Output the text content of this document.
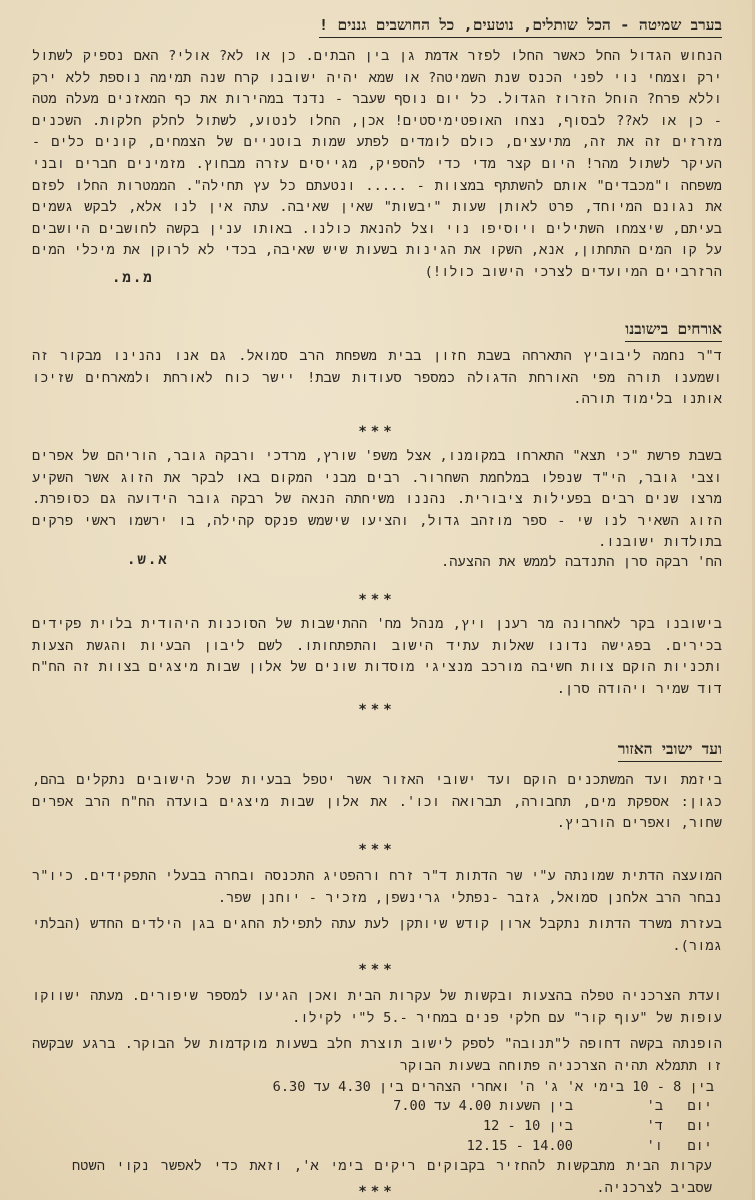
בערב שמיטה - הכל שותלים, נוטעים, כל החושבים גננים !
הנחוש הגדול החל כאשר החלו לפזר אדמת גן בין הבתים. כן או לא? אולי? האם נספיק לשתול ירק וצמחי נוי לפני הכנס שנת השמיטה? או שמא יהיה ישובנו קרח שנה תמימה נוספת ללא ירק וללא פרח? הוחל הזרוז הגדול. כל יום נוסף שעבר - נדנד במהירות את כף המאזנים מעלה מטה - כן או לא?? לבסוף, נצחו האופטימיסטים! אכן, החלו לנטוע, לשתול לחלק חלקות. השכנים מזרזים זה את זה, מתיעצים, כולם לומדים לפתע שמות בוטניים של הצמחים, קונים כלים - העיקר לשתול מהר! היום קצר מדי כדי להספיק, מגייסים עזרה מבחוץ. מזמינים חברים ובני משפחה ו"מכבדים" אותם להשתתף במצוות - ..... ונטעתם כל עץ תחילה". הממטרות החלו לפזם את נגונם המיוחד, פרט לאותן שעות "יבשות" שאין שאיבה. עתה אין לנו אלא, לבקש גשמים בעיתם, שיצמחו השתילים ויוסיפו נוי וצל להנאת כולנו. באותו ענין בקשה לחושבים היושבים על קו המים התחתון, אנא, השקו את הגינות בשעות שיש שאיבה, בכדי לא לרוקן את מיכלי המים הרזרביים המיועדים לצרכי הישוב כולו!)
מ.מ.
אורחים בישובנו
ד"ר נחמה ליבוביץ התארחה בשבת חזון בבית משפחת הרב סמואל. גם אנו נהנינו מבקור זה ושמענו תורה מפי האורחת הדגולה כמספר סעודות שבת! יישר כוח לאורחת ולמארחים שזיכו אותנו בלימוד תורה.
***
בשבת פרשת "כי תצא" התארחו במקומנו, אצל משפ' שורץ, מרדכי ורבקה גובר, הוריהם של אפרים וצבי גובר, הי"ד שנפלו במלחמת השחרור. רבים מבני המקום באו לבקר את הזוג אשר השקיע מרצו שנים רבים בפעילות ציבורית. נהננו משיחתה הנאה של רבקה גובר הידועה גם כסופרת. הזוג השאיר לנו שי - ספר מוזהב גדול, והציעו שישמש פנקס קהילה, בו ירשמו ראשי פרקים בתולדות ישובנו.
הח' רבקה סרן התנדבה לממש את ההצעה.
א.ש.
***
בישובנו בקר לאחרונה מר רענן ויץ, מנהל מח' ההתישבות של הסוכנות היהודית בלוית פקידים בכירים. בפגישה נדונו שאלות עתיד הישוב והתפתחותו. לשם ליבון הבעיות והגשת הצעות ותכניות הוקם צוות חשיבה מורכב מנציגי מוסדות שונים של אלון שבות מיצגים בצוות זה הח"ח דוד שמיר ויהודה סרן.
***
ועד ישובי האזור
ביזמת ועד המשתכנים הוקם ועד ישובי האזור אשר יטפל בבעיות שכל הישובים נתקלים בהם, כגון: אספקת מים, תחבורה, תברואה וכו'. את אלון שבות מיצגים בועדה הח"ח הרב אפרים שחור, ואפרים הורביץ.
***
המועצה הדתית שמונתה ע"י שר הדתות ד"ר זרח ורהפטיג התכנסה ובחרה בבעלי התפקידים. כיו"ר נבחר הרב אלחנן סמואל, גזבר -נפתלי גרינשפן, מזכיר - יוחנן שפר.
בעזרת משרד הדתות נתקבל ארון קודש שיותקן לעת עתה לתפילת החגים בגן הילדים החדש (הבלתי גמור).
***
ועדת הצרכניה טפלה בהצעות ובקשות של עקרות הבית ואכן הגיעו למספר שיפורים. מעתה ישווקו עופות של "עוף קור" עם חלקי פנים במחיר -.5 ל"י לקילו.
הופנתה בקשה דחופה ל"תנובה" לספק לישוב תוצרת חלב בשעות מוקדמות של הבוקר. ברגע שבקשה זו תתמלא תהיה הצרכניה פתוחה בשעות הבוקר
בין 8 - 10 בימי א' ג' ה' ואחרי הצהרים בין 4.30 עד 6.30
יום   ב'         בין השעות 4.00 עד 7.00
יום   ד'         בין 10 - 12
יום   ו'         14.00 - 12.15
עקרות הבית מתבקשות להחזיר בקבוקים ריקים בימי א', וזאת כדי לאפשר נקוי השטח שסביב לצרכניה.
***
